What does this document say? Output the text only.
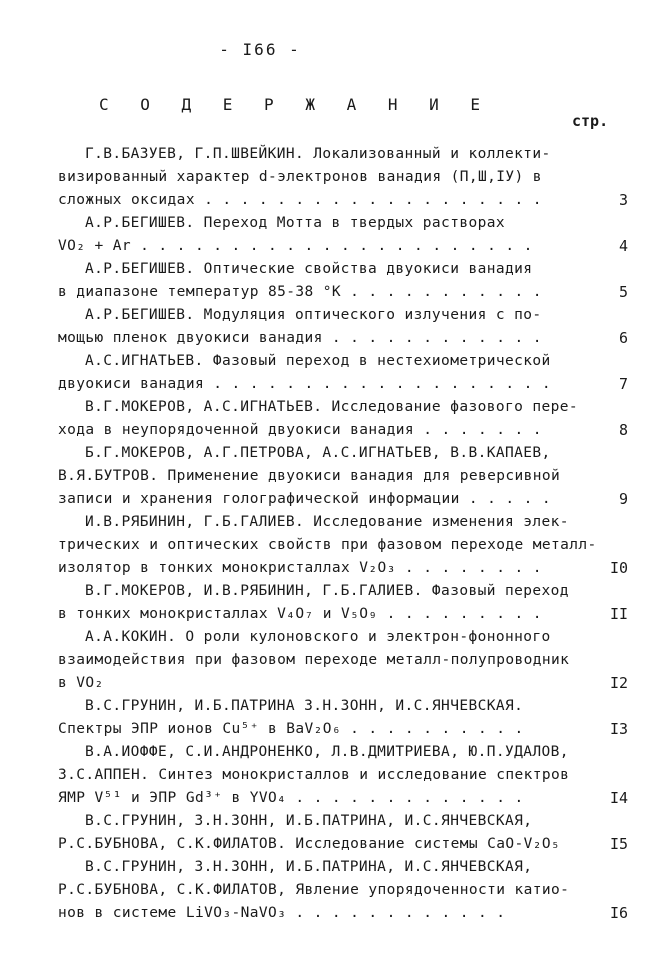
- I66 -
С О Д Е Р Ж А Н И Е
стр.
Г.В.БАЗУЕВ, Г.П.ШВЕЙКИН. Локализованный и коллекти-
визированный характер d-электронов ванадия (П,Ш,IУ) в
сложных оксидах . . . . . . . . . . . . . . . . . . .	3
А.Р.БЕГИШЕВ. Переход Мотта в твердых растворах
VO₂ + Ar . . . . . . . . . . . . . . . . . . . . . .	4
А.Р.БЕГИШЕВ. Оптические свойства двуокиси ванадия
в диапазоне температур 85-38 °К . . . . . . . . . . .	5
А.Р.БЕГИШЕВ. Модуляция оптического излучения с по-
мощью пленок двуокиси ванадия . . . . . . . . . . . .	6
А.С.ИГНАТЬЕВ. Фазовый переход в нестехиометрической
двуокиси ванадия . . . . . . . . . . . . . . . . . . .	7
В.Г.МОКЕРОВ, А.С.ИГНАТЬЕВ. Исследование фазового пере-
хода в неупорядоченной двуокиси ванадия . . . . . . .	8
Б.Г.МОКЕРОВ, А.Г.ПЕТРОВА, А.С.ИГНАТЬЕВ, В.В.КАПАЕВ,
В.Я.БУТРОВ. Применение двуокиси ванадия для реверсивной
записи и хранения голографической информации . . . . .	9
И.В.РЯБИНИН, Г.Б.ГАЛИЕВ. Исследование изменения элек-
трических и оптических свойств при фазовом переходе металл-
изолятор в тонких монокристаллах V₂O₃ . . . . . . . .	I0
В.Г.МОКЕРОВ, И.В.РЯБИНИН, Г.Б.ГАЛИЕВ. Фазовый переход
в тонких монокристаллах V₄O₇ и V₅O₉ . . . . . . . . .	II
А.А.КОКИН. О роли кулоновского и электрон-фононного
взаимодействия при фазовом переходе металл-полупроводник
в VO₂	I2
В.С.ГРУНИН, И.Б.ПАТРИНА З.Н.ЗОНН, И.С.ЯНЧЕВСКАЯ.
Спектры ЭПР ионов Cu⁵⁺ в BaV₂O₆ . . . . . . . . . .	I3
В.А.ИОФФЕ, С.И.АНДРОНЕНКО, Л.В.ДМИТРИЕВА, Ю.П.УДАЛОВ,
З.С.АППЕН. Синтез монокристаллов и исследование спектров
ЯМР V⁵¹ и ЭПР Gd³⁺ в YVO₄ . . . . . . . . . . . . .	I4
В.С.ГРУНИН, З.Н.ЗОНН, И.Б.ПАТРИНА, И.С.ЯНЧЕВСКАЯ,
Р.С.БУБНОВА, С.К.ФИЛАТОВ. Исследование системы CaO-V₂O₅	I5
В.С.ГРУНИН, З.Н.ЗОНН, И.Б.ПАТРИНА, И.С.ЯНЧЕВСКАЯ,
Р.С.БУБНОВА, С.К.ФИЛАТОВ, Явление упорядоченности катио-
нов в системе LiVO₃-NaVO₃ . . . . . . . . . . . .	I6
